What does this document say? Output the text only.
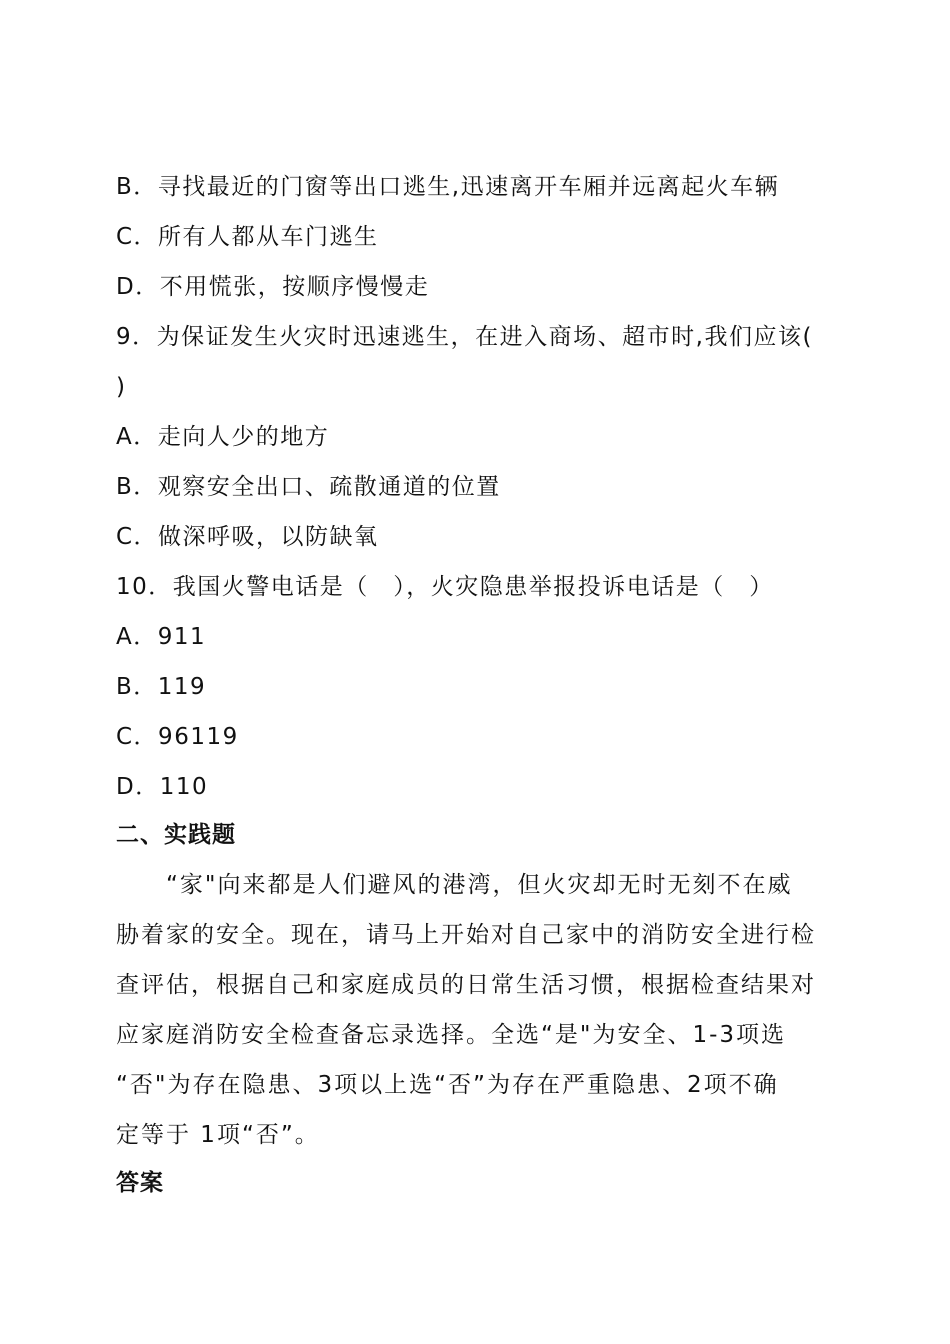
B．寻找最近的门窗等出口逃生,迅速离开车厢并远离起火车辆
C．所有人都从车门逃生
D．不用慌张，按顺序慢慢走
9．为保证发生火灾时迅速逃生，在进入商场、超市时,我们应该(
)
A．走向人少的地方
B．观察安全出口、疏散通道的位置
C．做深呼吸，以防缺氧
10．我国火警电话是（　），火灾隐患举报投诉电话是（　）
A．911
B．119
C．96119
D．110
二、实践题
　　“家"向来都是人们避风的港湾，但火灾却无时无刻不在威
胁着家的安全。现在，请马上开始对自己家中的消防安全进行检
查评估，根据自己和家庭成员的日常生活习惯，根据检查结果对
应家庭消防安全检查备忘录选择。全选“是"为安全、1-3项选
“否"为存在隐患、3项以上选“否”为存在严重隐患、2项不确
定等于 1项“否”。
答案
